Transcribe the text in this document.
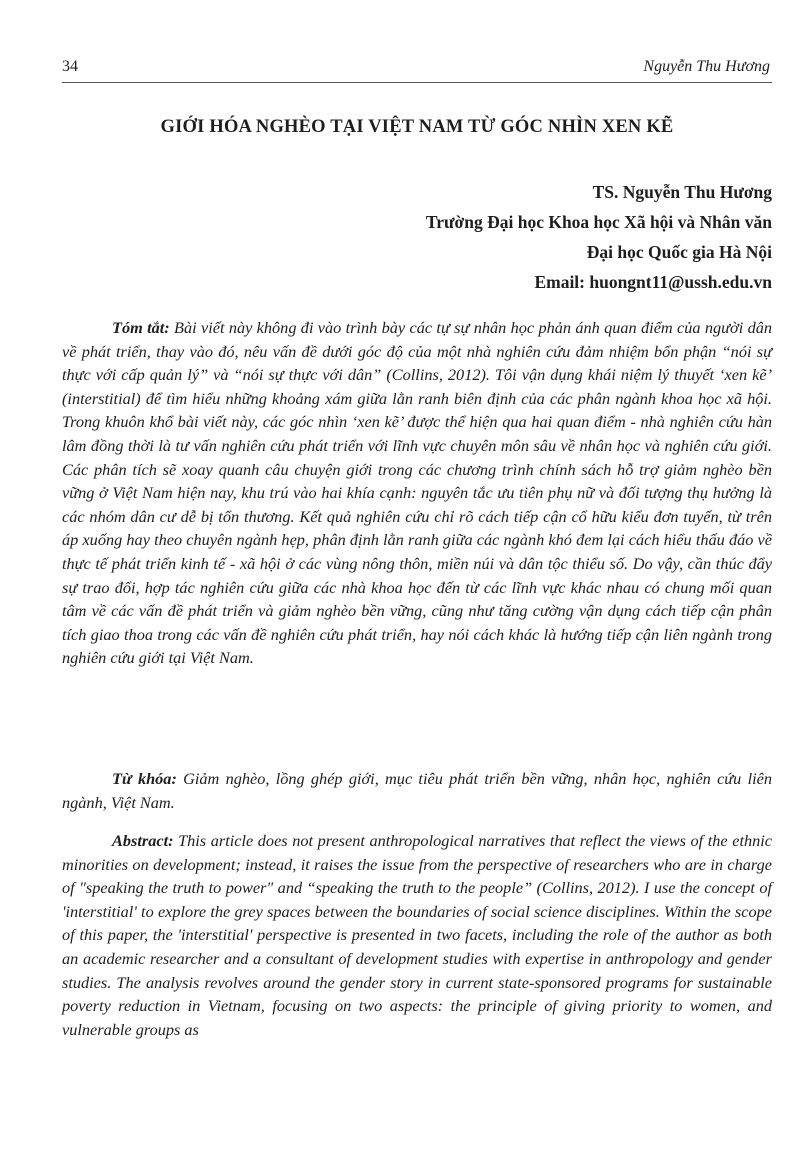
34	Nguyễn Thu Hương
GIỚI HÓA NGHÈO TẠI VIỆT NAM TỪ GÓC NHÌN XEN KẼ
TS. Nguyễn Thu Hương
Trường Đại học Khoa học Xã hội và Nhân văn
Đại học Quốc gia Hà Nội
Email: huongnt11@ussh.edu.vn

Tóm tắt: Bài viết này không đi vào trình bày các tự sự nhân học phản ánh quan điểm của người dân về phát triển, thay vào đó, nêu vấn đề dưới góc độ của một nhà nghiên cứu đảm nhiệm bổn phận “nói sự thực với cấp quản lý” và “nói sự thực với dân” (Collins, 2012). Tôi vận dụng khái niệm lý thuyết ‘xen kẽ’ (interstitial) để tìm hiểu những khoảng xám giữa lằn ranh biên định của các phân ngành khoa học xã hội. Trong khuôn khổ bài viết này, các góc nhìn ‘xen kẽ’ được thể hiện qua hai quan điểm - nhà nghiên cứu hàn lâm đồng thời là tư vấn nghiên cứu phát triển với lĩnh vực chuyên môn sâu về nhân học và nghiên cứu giới. Các phân tích sẽ xoay quanh câu chuyện giới trong các chương trình chính sách hỗ trợ giảm nghèo bền vững ở Việt Nam hiện nay, khu trú vào hai khía cạnh: nguyên tắc ưu tiên phụ nữ và đối tượng thụ hưởng là các nhóm dân cư dễ bị tổn thương. Kết quả nghiên cứu chỉ rõ cách tiếp cận cổ hữu kiểu đơn tuyến, từ trên áp xuống hay theo chuyên ngành hẹp, phân định lằn ranh giữa các ngành khó đem lại cách hiểu thấu đáo về thực tế phát triển kinh tế - xã hội ở các vùng nông thôn, miền núi và dân tộc thiểu số. Do vậy, cần thúc đẩy sự trao đổi, hợp tác nghiên cứu giữa các nhà khoa học đến từ các lĩnh vực khác nhau có chung mối quan tâm về các vấn đề phát triển và giảm nghèo bền vững, cũng như tăng cường vận dụng cách tiếp cận phân tích giao thoa trong các vấn đề nghiên cứu phát triển, hay nói cách khác là hướng tiếp cận liên ngành trong nghiên cứu giới tại Việt Nam.

Từ khóa: Giảm nghèo, lồng ghép giới, mục tiêu phát triển bền vững, nhân học, nghiên cứu liên ngành, Việt Nam.

Abstract: This article does not present anthropological narratives that reflect the views of the ethnic minorities on development; instead, it raises the issue from the perspective of researchers who are in charge of "speaking the truth to power" and “speaking the truth to the people” (Collins, 2012). I use the concept of 'interstitial' to explore the grey spaces between the boundaries of social science disciplines. Within the scope of this paper, the 'interstitial' perspective is presented in two facets, including the role of the author as both an academic researcher and a consultant of development studies with expertise in anthropology and gender studies. The analysis revolves around the gender story in current state-sponsored programs for sustainable poverty reduction in Vietnam, focusing on two aspects: the principle of giving priority to women, and vulnerable groups as
